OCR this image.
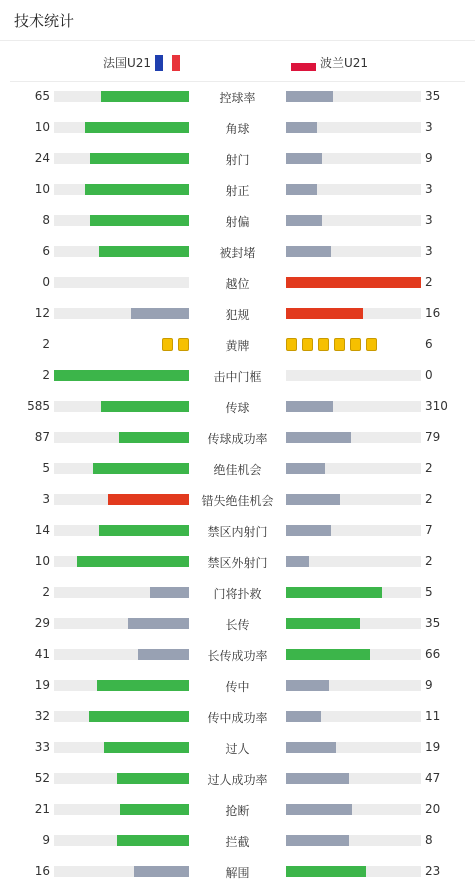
技术统计
法国U21	波兰U21
65	控球率	35
10	角球	3
24	射门	9
10	射正	3
8	射偏	3
6	被封堵	3
0	越位	2
12	犯规	16
2	黄牌	6
2	击中门框	0
585	传球	310
87	传球成功率	79
5	绝佳机会	2
3	错失绝佳机会	2
14	禁区内射门	7
10	禁区外射门	2
2	门将扑救	5
29	长传	35
41	长传成功率	66
19	传中	9
32	传中成功率	11
33	过人	19
52	过人成功率	47
21	抢断	20
9	拦截	8
16	解围	23
